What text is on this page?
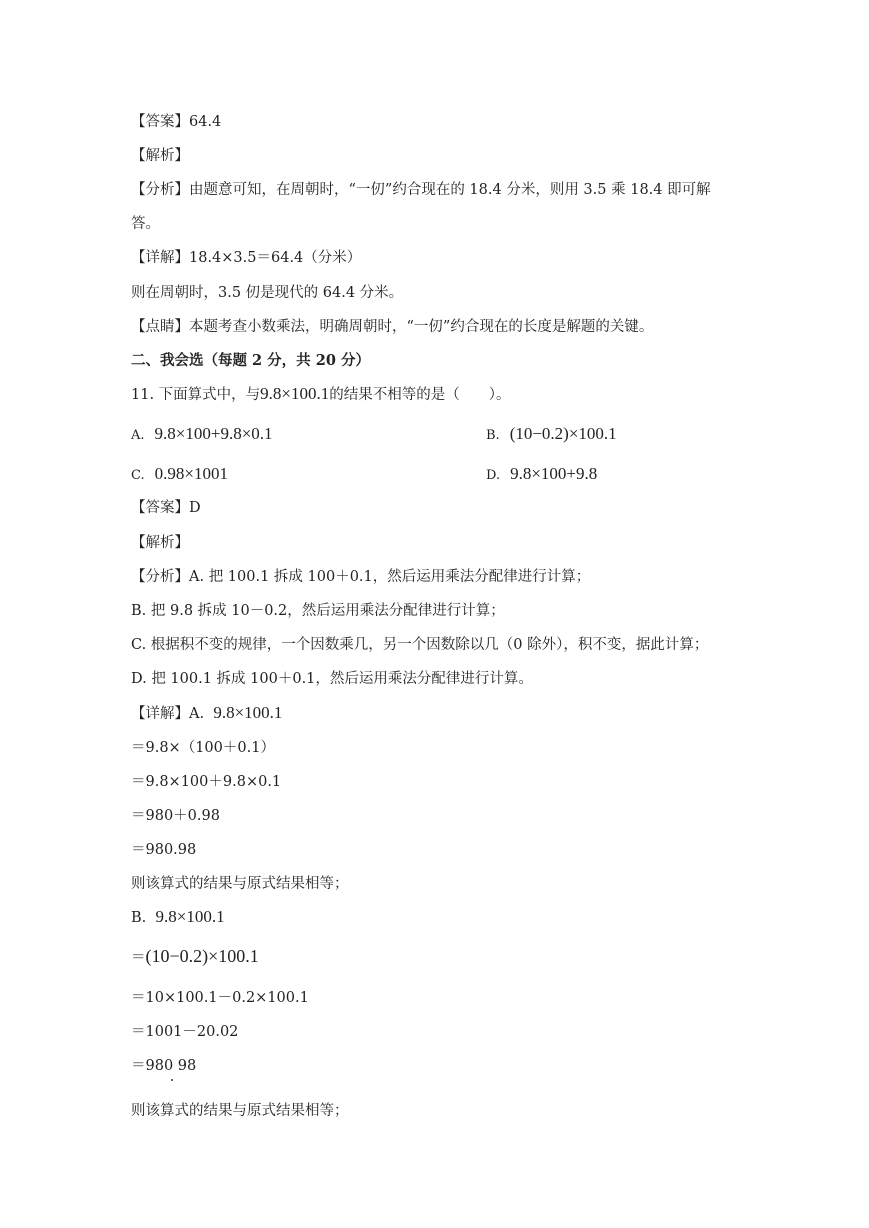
【答案】64.4
【解析】
【分析】由题意可知，在周朝时，“一仞”约合现在的 18.4 分米，则用 3.5 乘 18.4 即可解
答。
【详解】18.4×3.5＝64.4（分米）
则在周朝时，3.5 仞是现代的 64.4 分米。
【点睛】本题考查小数乘法，明确周朝时，“一仞”约合现在的长度是解题的关键。
二、我会选（每题 2 分，共 20 分）
11. 下面算式中，与9.8×100.1的结果不相等的是（　　）。
A. 9.8×100+9.8×0.1	B. (10−0.2)×100.1
C. 0.98×1001	D. 9.8×100+9.8
【答案】D
【解析】
【分析】A. 把 100.1 拆成 100＋0.1，然后运用乘法分配律进行计算；
B. 把 9.8 拆成 10－0.2，然后运用乘法分配律进行计算；
C. 根据积不变的规律，一个因数乘几，另一个因数除以几（0 除外），积不变，据此计算；
D. 把 100.1 拆成 100＋0.1，然后运用乘法分配律进行计算。
【详解】A. 9.8×100.1
＝9.8×（100＋0.1）
＝9.8×100＋9.8×0.1
＝980＋0.98
＝980.98
则该算式的结果与原式结果相等；
B. 9.8×100.1
＝(10−0.2)×100.1
＝10×100.1－0.2×100.1
＝1001－20.02
＝980 98
则该算式的结果与原式结果相等；
